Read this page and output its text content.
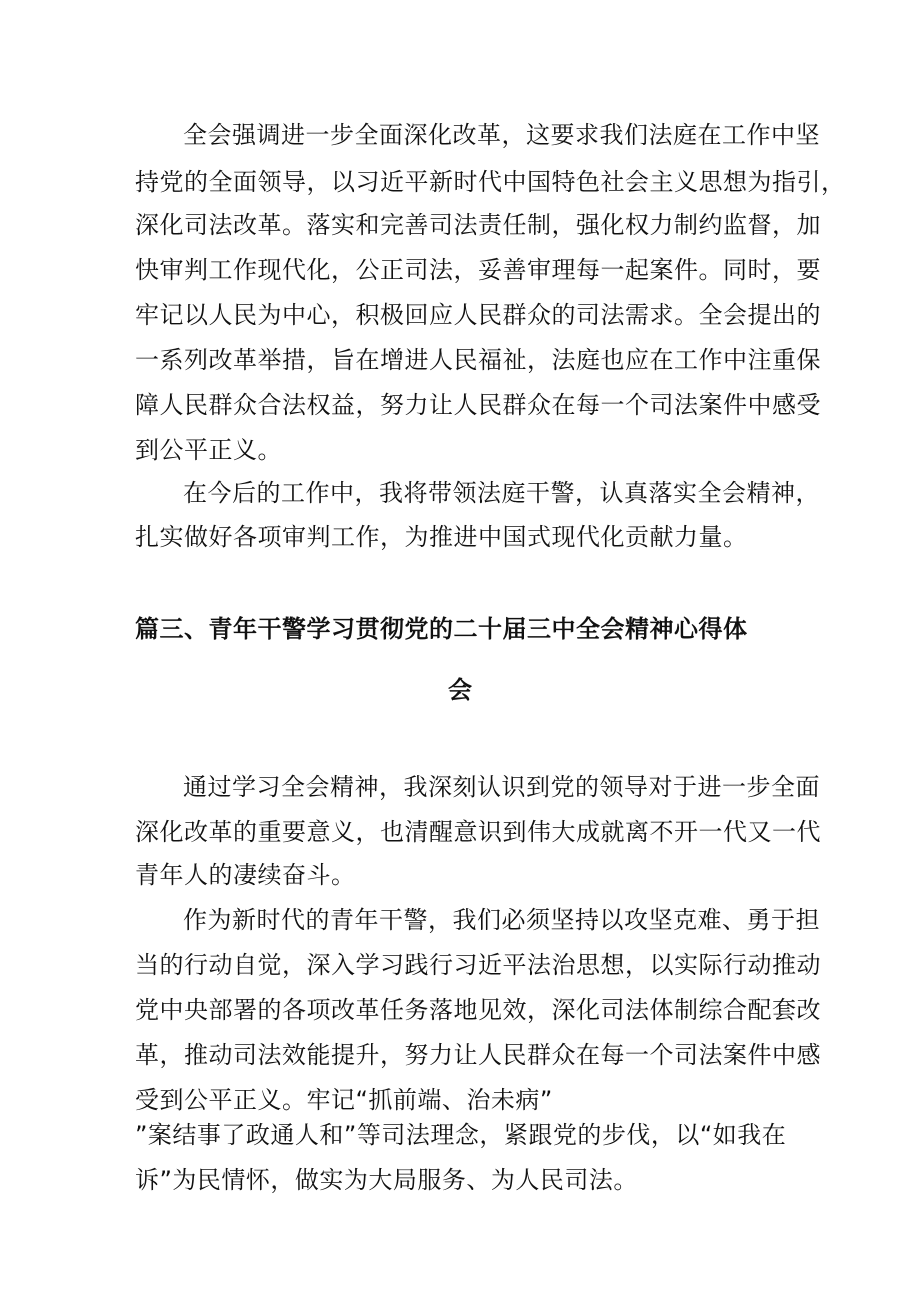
全会强调进一步全面深化改革，这要求我们法庭在工作中坚
持党的全面领导，以习近平新时代中国特色社会主义思想为指引，
深化司法改革。落实和完善司法责任制，强化权力制约监督，加
快审判工作现代化，公正司法，妥善审理每一起案件。同时，要
牢记以人民为中心，积极回应人民群众的司法需求。全会提出的
一系列改革举措，旨在增进人民福祉，法庭也应在工作中注重保
障人民群众合法权益，努力让人民群众在每一个司法案件中感受
到公平正义。
在今后的工作中，我将带领法庭干警，认真落实全会精神，
扎实做好各项审判工作，为推进中国式现代化贡献力量。
篇三、青年干警学习贯彻党的二十届三中全会精神心得体
会
通过学习全会精神，我深刻认识到党的领导对于进一步全面
深化改革的重要意义，也清醒意识到伟大成就离不开一代又一代
青年人的凄续奋斗。
作为新时代的青年干警，我们必须坚持以攻坚克难、勇于担
当的行动自觉，深入学习践行习近平法治思想，以实际行动推动
党中央部署的各项改革任务落地见效，深化司法体制综合配套改
革，推动司法效能提升，努力让人民群众在每一个司法案件中感
受到公平正义。牢记“抓前端、治未病”
”案结事了政通人和”等司法理念，紧跟党的步伐，以“如我在
诉”为民情怀，做实为大局服务、为人民司法。
